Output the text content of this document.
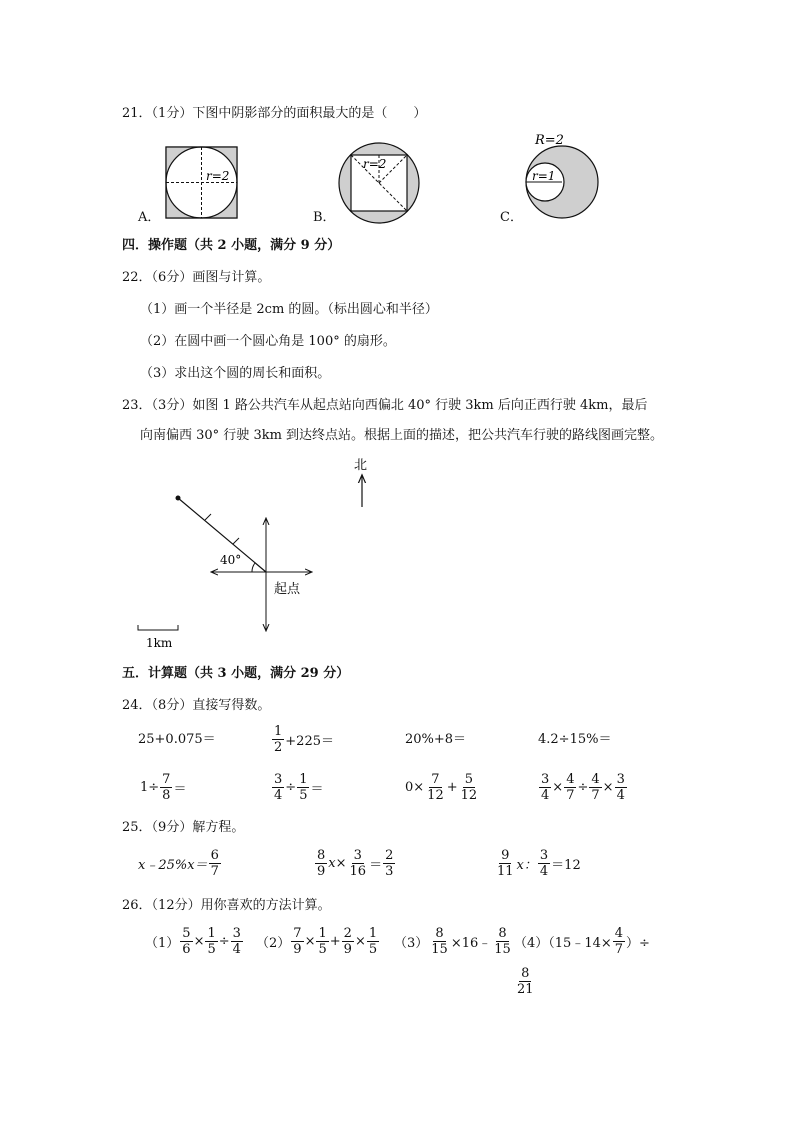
21．（1分）下图中阴影部分的面积最大的是（　　）
r=2
r=2
R=2
r=1
A．	B．	C．
四．操作题（共 2 小题，满分 9 分）
22．（6分）画图与计算。
（1）画一个半径是 2cm 的圆。（标出圆心和半径）
（2）在圆中画一个圆心角是 100° 的扇形。
（3）求出这个圆的周长和面积。
23．（3分）如图 1 路公共汽车从起点站向西偏北 40° 行驶 3km 后向正西行驶 4km，最后
向南偏西 30° 行驶 3km 到达终点站。根据上面的描述，把公共汽车行驶的路线图画完整。
北
40°
起点
1km
五．计算题（共 3 小题，满分 29 分）
24．（8分）直接写得数。
25+0.075＝	$\frac{1}{2} +225=$	20%+8＝	4.2÷15%＝
$1\div \frac{7}{8}$ ＝	$\frac{3}{4} \div \frac{1}{5}$ ＝	$0\times \frac{7}{12} + \frac{5}{12}$	$\frac{3}{4} \times \frac{4}{7} \div \frac{4}{7} \times \frac{3}{4}$
25．（9分）解方程。
x﹣25%x＝ $\frac{6}{7}$	$\frac{8}{9} x\times \frac{3}{16} = \frac{2}{3}$	$\frac{9}{11}$ x： $\frac{3}{4} =12$
26．（12分）用你喜欢的方法计算。
$(1) \frac{5}{6} \times \frac{1}{5} \div \frac{3}{4} (2) \frac{7}{9} \times \frac{1}{5} + \frac{2}{9} \times \frac{1}{5} (3) \frac{8}{15}$ ×16﹣ $\frac{8}{15}$ （4）（15﹣14× $\frac{4}{7}$ ）÷
$\frac{8}{21}$
